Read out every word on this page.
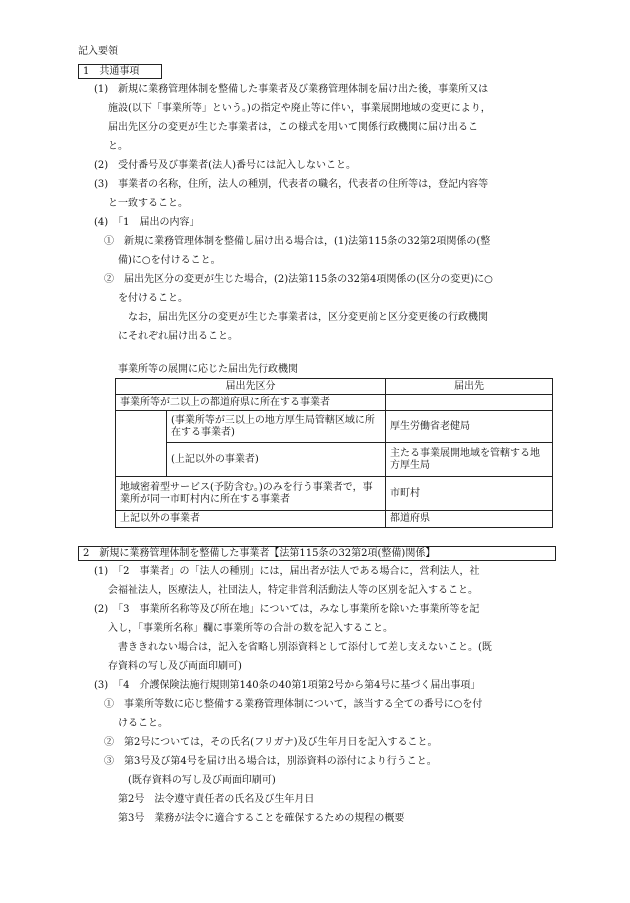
記入要領
1　共通事項
(1)　新規に業務管理体制を整備した事業者及び業務管理体制を届け出た後，事業所又は
施設(以下「事業所等」という。)の指定や廃止等に伴い，事業展開地域の変更により，
届出先区分の変更が生じた事業者は，この様式を用いて関係行政機関に届け出るこ
と。
(2)　受付番号及び事業者(法人)番号には記入しないこと。
(3)　事業者の名称，住所，法人の種別，代表者の職名，代表者の住所等は，登記内容等
と一致すること。
(4)　「1　届出の内容」
①　新規に業務管理体制を整備し届け出る場合は，(1)法第115条の32第2項関係の(整
備)に○を付けること。
②　届出先区分の変更が生じた場合，(2)法第115条の32第4項関係の(区分の変更)に○
を付けること。
なお，届出先区分の変更が生じた事業者は，区分変更前と区分変更後の行政機関
にそれぞれ届け出ること。
事業所等の展開に応じた届出先行政機関
届出先区分		届出先
事業所等が二以上の都道府県に所在する事業者		
	(事業所等が三以上の地方厚生局管轄区域に所在する事業者)	厚生労働省老健局
	(上記以外の事業者)	主たる事業展開地域を管轄する地方厚生局
地域密着型サービス(予防含む。)のみを行う事業者で，事業所が同一市町村内に所在する事業者		市町村
上記以外の事業者		都道府県
2　新規に業務管理体制を整備した事業者【法第115条の32第2項(整備)関係】
(1)　「2　事業者」の「法人の種別」には，届出者が法人である場合に，営利法人，社
会福祉法人，医療法人，社団法人，特定非営利活動法人等の区別を記入すること。
(2)　「3　事業所名称等及び所在地」については，みなし事業所を除いた事業所等を記
入し，「事業所名称」欄に事業所等の合計の数を記入すること。
書ききれない場合は，記入を省略し別添資料として添付して差し支えないこと。(既
存資料の写し及び両面印刷可)
(3)　「4　介護保険法施行規則第140条の40第1項第2号から第4号に基づく届出事項」
①　事業所等数に応じ整備する業務管理体制について，該当する全ての番号に○を付
けること。
②　第2号については，その氏名(フリガナ)及び生年月日を記入すること。
③　第3号及び第4号を届け出る場合は，別添資料の添付により行うこと。
(既存資料の写し及び両面印刷可)
第2号　法令遵守責任者の氏名及び生年月日
第3号　業務が法令に適合することを確保するための規程の概要
